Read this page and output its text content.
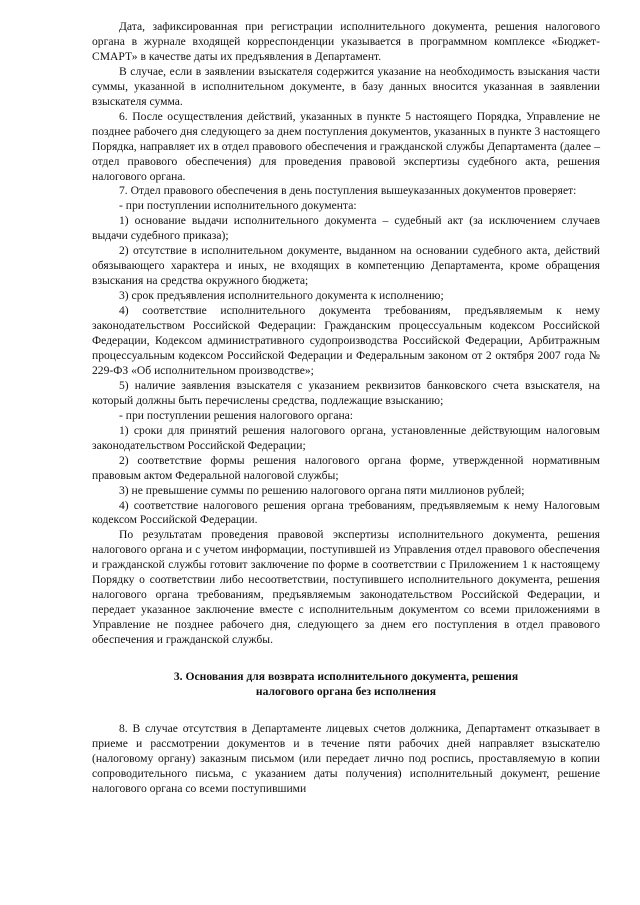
Дата, зафиксированная при регистрации исполнительного документа, решения налогового органа в журнале входящей корреспонденции указывается в программном комплексе «Бюджет-СМАРТ» в качестве даты их предъявления в Департамент.

В случае, если в заявлении взыскателя содержится указание на необходимость взыскания части суммы, указанной в исполнительном документе, в базу данных вносится указанная в заявлении взыскателя сумма.

6. После осуществления действий, указанных в пункте 5 настоящего Порядка, Управление не позднее рабочего дня следующего за днем поступления документов, указанных в пункте 3 настоящего Порядка, направляет их в отдел правового обеспечения и гражданской службы Департамента (далее – отдел правового обеспечения) для проведения правовой экспертизы судебного акта, решения налогового органа.

7. Отдел правового обеспечения в день поступления вышеуказанных документов проверяет:

- при поступлении исполнительного документа:

1) основание выдачи исполнительного документа – судебный акт (за исключением случаев выдачи судебного приказа);

2) отсутствие в исполнительном документе, выданном на основании судебного акта, действий обязывающего характера и иных, не входящих в компетенцию Департамента, кроме обращения взыскания на средства окружного бюджета;

3) срок предъявления исполнительного документа к исполнению;

4) соответствие исполнительного документа требованиям, предъявляемым к нему законодательством Российской Федерации: Гражданским процессуальным кодексом Российской Федерации, Кодексом административного судопроизводства Российской Федерации, Арбитражным процессуальным кодексом Российской Федерации и Федеральным законом от 2 октября 2007 года № 229-ФЗ «Об исполнительном производстве»;

5) наличие заявления взыскателя с указанием реквизитов банковского счета взыскателя, на который должны быть перечислены средства, подлежащие взысканию;

- при поступлении решения налогового органа:

1) сроки для принятий решения налогового органа, установленные действующим налоговым законодательством Российской Федерации;

2) соответствие формы решения налогового органа форме, утвержденной нормативным правовым актом Федеральной налоговой службы;

3) не превышение суммы по решению налогового органа пяти миллионов рублей;

4) соответствие налогового решения органа требованиям, предъявляемым к нему Налоговым кодексом Российской Федерации.

По результатам проведения правовой экспертизы исполнительного документа, решения налогового органа и с учетом информации, поступившей из Управления отдел правового обеспечения и гражданской службы готовит заключение по форме в соответствии с Приложением 1 к настоящему Порядку о соответствии либо несоответствии, поступившего исполнительного документа, решения налогового органа требованиям, предъявляемым законодательством Российской Федерации, и передает указанное заключение вместе с исполнительным документом со всеми приложениями в Управление не позднее рабочего дня, следующего за днем его поступления в отдел правового обеспечения и гражданской службы.

3. Основания для возврата исполнительного документа, решения
налогового органа без исполнения

8. В случае отсутствия в Департаменте лицевых счетов должника, Департамент отказывает в приеме и рассмотрении документов и в течение пяти рабочих дней направляет взыскателю (налоговому органу) заказным письмом (или передает лично под роспись, проставляемую в копии сопроводительного письма, с указанием даты получения) исполнительный документ, решение налогового органа со всеми поступившими
